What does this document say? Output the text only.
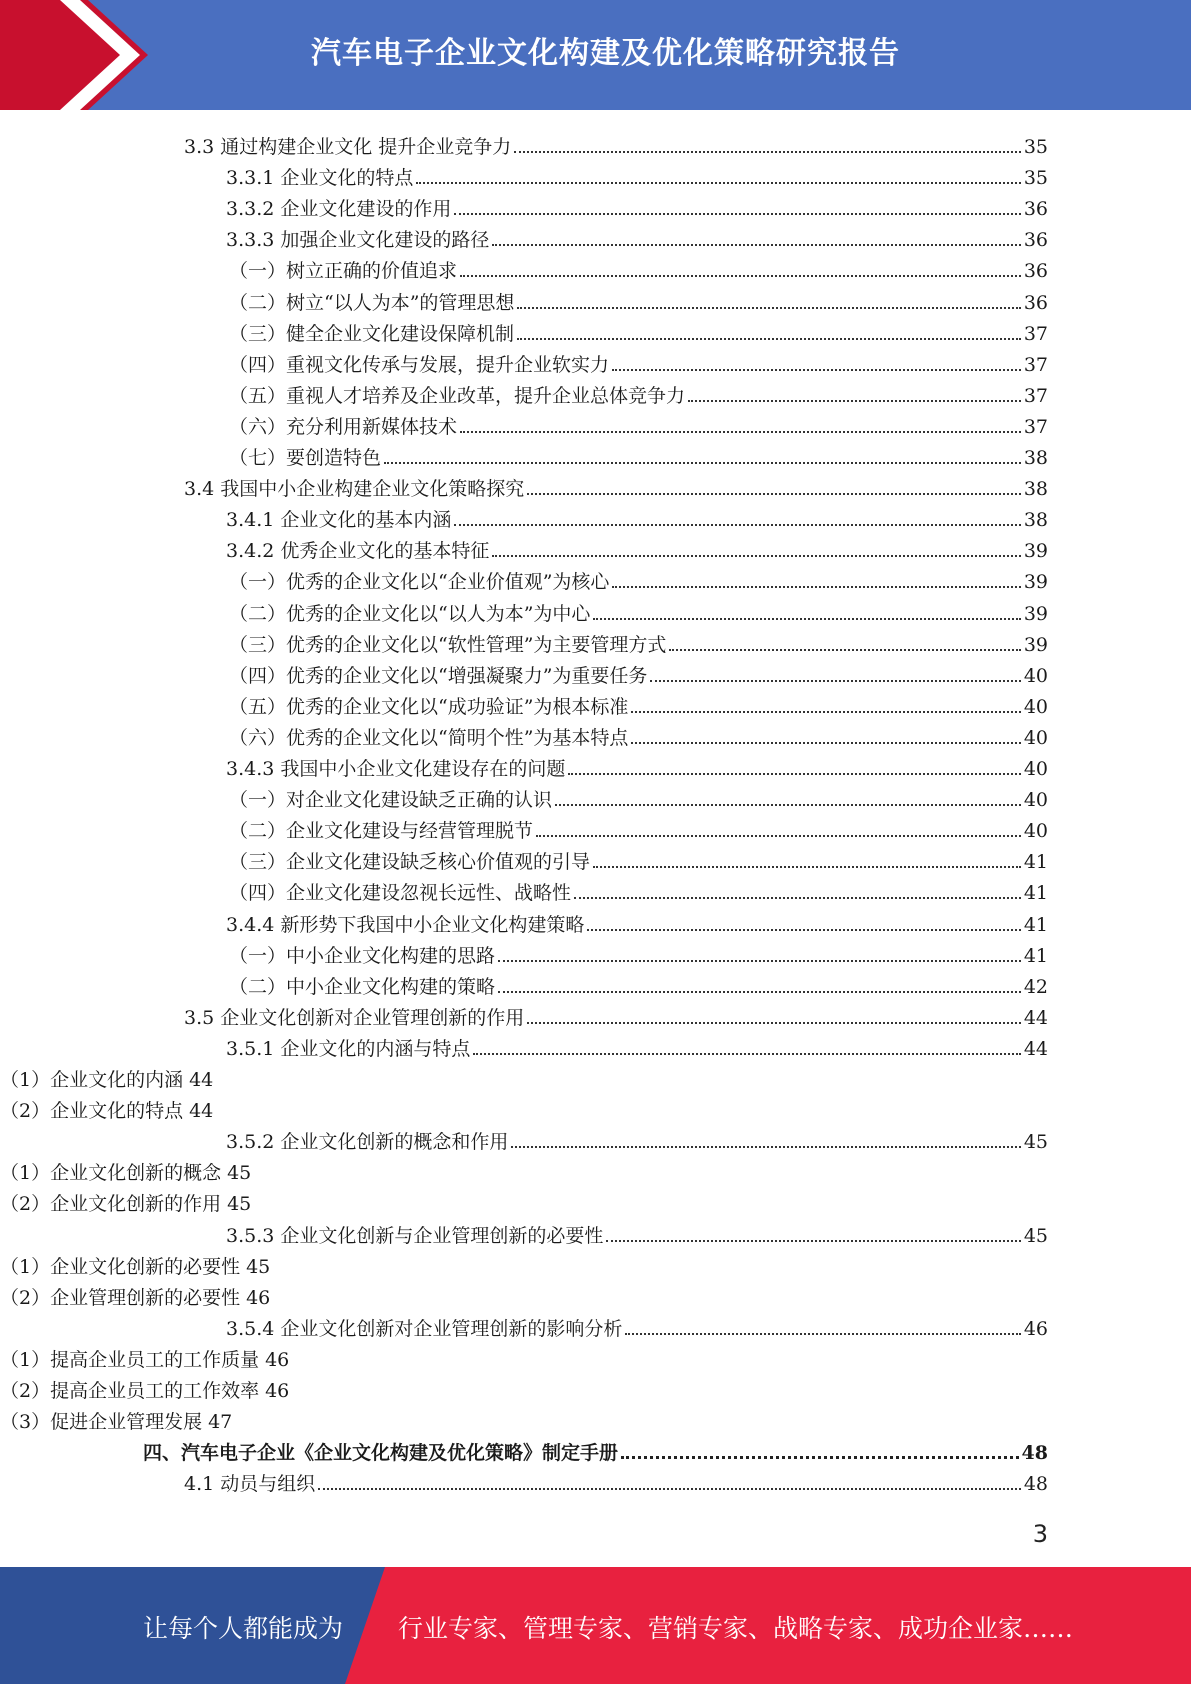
汽车电子企业文化构建及优化策略研究报告
3.3 通过构建企业文化 提升企业竞争力	35
3.3.1 企业文化的特点	35
3.3.2 企业文化建设的作用	36
3.3.3 加强企业文化建设的路径	36
（一）树立正确的价值追求	36
（二）树立“以人为本”的管理思想	36
（三）健全企业文化建设保障机制	37
（四）重视文化传承与发展，提升企业软实力	37
（五）重视人才培养及企业改革，提升企业总体竞争力	37
（六）充分利用新媒体技术	37
（七）要创造特色	38
3.4 我国中小企业构建企业文化策略探究	38
3.4.1 企业文化的基本内涵	38
3.4.2 优秀企业文化的基本特征	39
（一）优秀的企业文化以“企业价值观”为核心	39
（二）优秀的企业文化以“以人为本”为中心	39
（三）优秀的企业文化以“软性管理”为主要管理方式	39
（四）优秀的企业文化以“增强凝聚力”为重要任务	40
（五）优秀的企业文化以“成功验证”为根本标准	40
（六）优秀的企业文化以“简明个性”为基本特点	40
3.4.3 我国中小企业文化建设存在的问题	40
（一）对企业文化建设缺乏正确的认识	40
（二）企业文化建设与经营管理脱节	40
（三）企业文化建设缺乏核心价值观的引导	41
（四）企业文化建设忽视长远性、战略性	41
3.4.4 新形势下我国中小企业文化构建策略	41
（一）中小企业文化构建的思路	41
（二）中小企业文化构建的策略	42
3.5 企业文化创新对企业管理创新的作用	44
3.5.1 企业文化的内涵与特点	44
（1）企业文化的内涵 44
（2）企业文化的特点 44
3.5.2 企业文化创新的概念和作用	45
（1）企业文化创新的概念 45
（2）企业文化创新的作用 45
3.5.3 企业文化创新与企业管理创新的必要性	45
（1）企业文化创新的必要性 45
（2）企业管理创新的必要性 46
3.5.4 企业文化创新对企业管理创新的影响分析	46
（1）提高企业员工的工作质量 46
（2）提高企业员工的工作效率 46
（3）促进企业管理发展 47
四、汽车电子企业《企业文化构建及优化策略》制定手册	48
4.1 动员与组织	48
3
让每个人都能成为 行业专家、管理专家、营销专家、战略专家、成功企业家……
